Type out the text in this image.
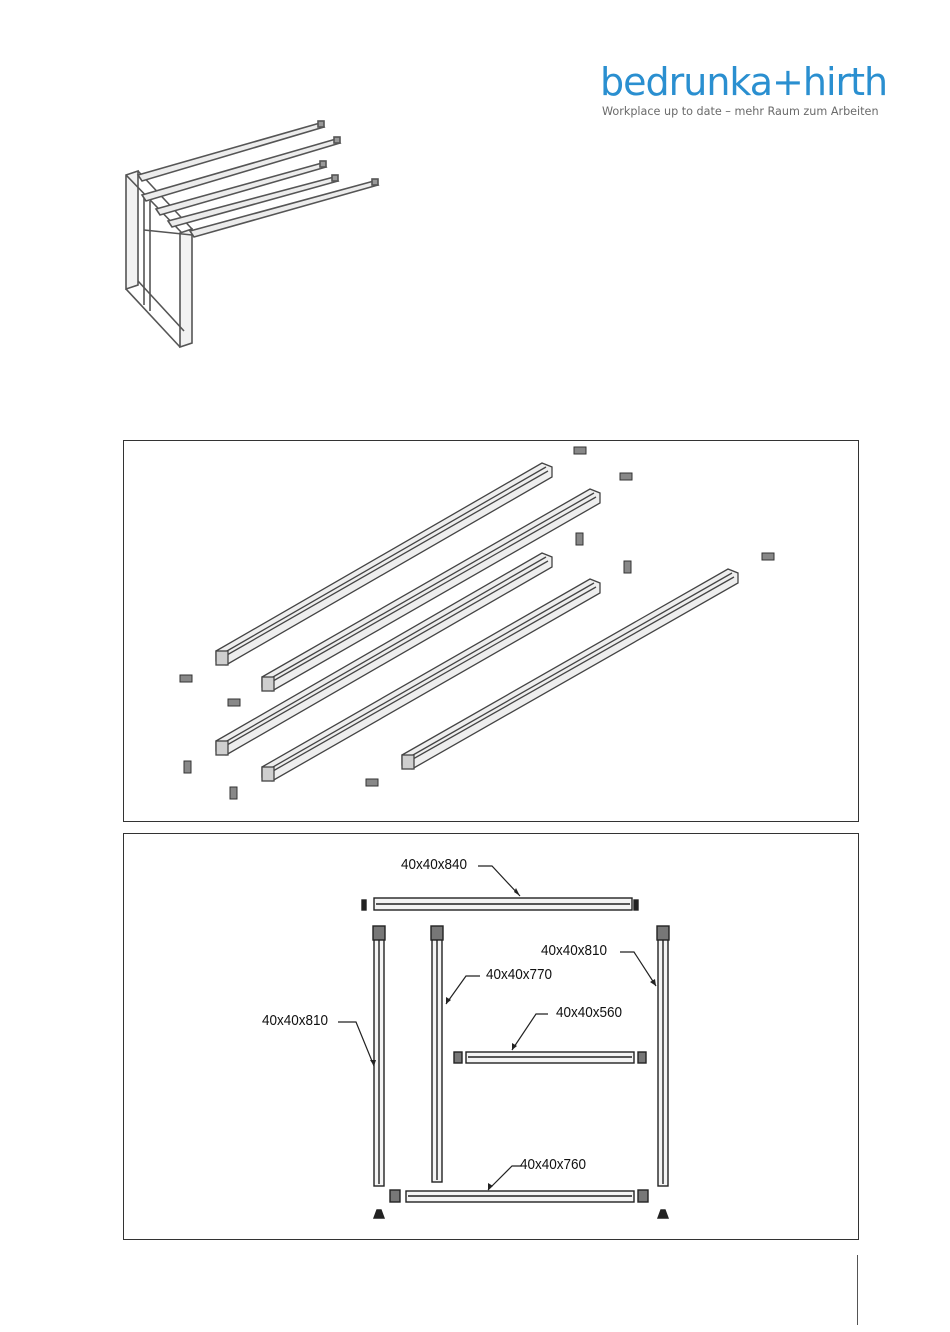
bedrunka+hirth
Workplace up to date – mehr Raum zum Arbeiten
40x40x840
40x40x810
40x40x770
40x40x810
40x40x560
40x40x760
